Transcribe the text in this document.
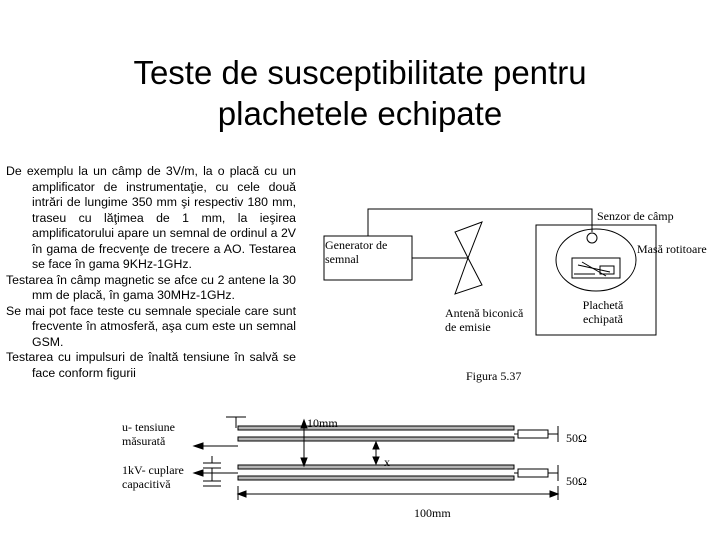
Teste de susceptibilitate pentru
plachetele echipate

De exemplu la un câmp de 3V/m, la o placă cu un amplificator de instrumentaţie, cu cele două intrări de lungime 350 mm şi respectiv 180 mm, traseu cu lăţimea de 1 mm, la ieşirea amplificatorului apare un semnal de ordinul a 2V în gama de frecvenţe de trecere a AO. Testarea se face în gama 9KHz-1GHz.

Testarea în câmp magnetic se afce cu 2 antene la 30 mm de placă, în gama 30MHz-1GHz.

Se mai pot face teste cu semnale speciale care sunt frecvente în atmosferă, aşa cum este un semnal GSM.

Testarea cu impulsuri de înaltă tensiune în salvă se face conform figurii

Generator de semnal
Senzor de câmp
Masă rotitoare
Antenă biconică de emisie
Plachetă echipată
Figura 5.37
u- tensiune măsurată
1kV- cuplare capacitivă
10mm
x
50Ω
50Ω
100mm
